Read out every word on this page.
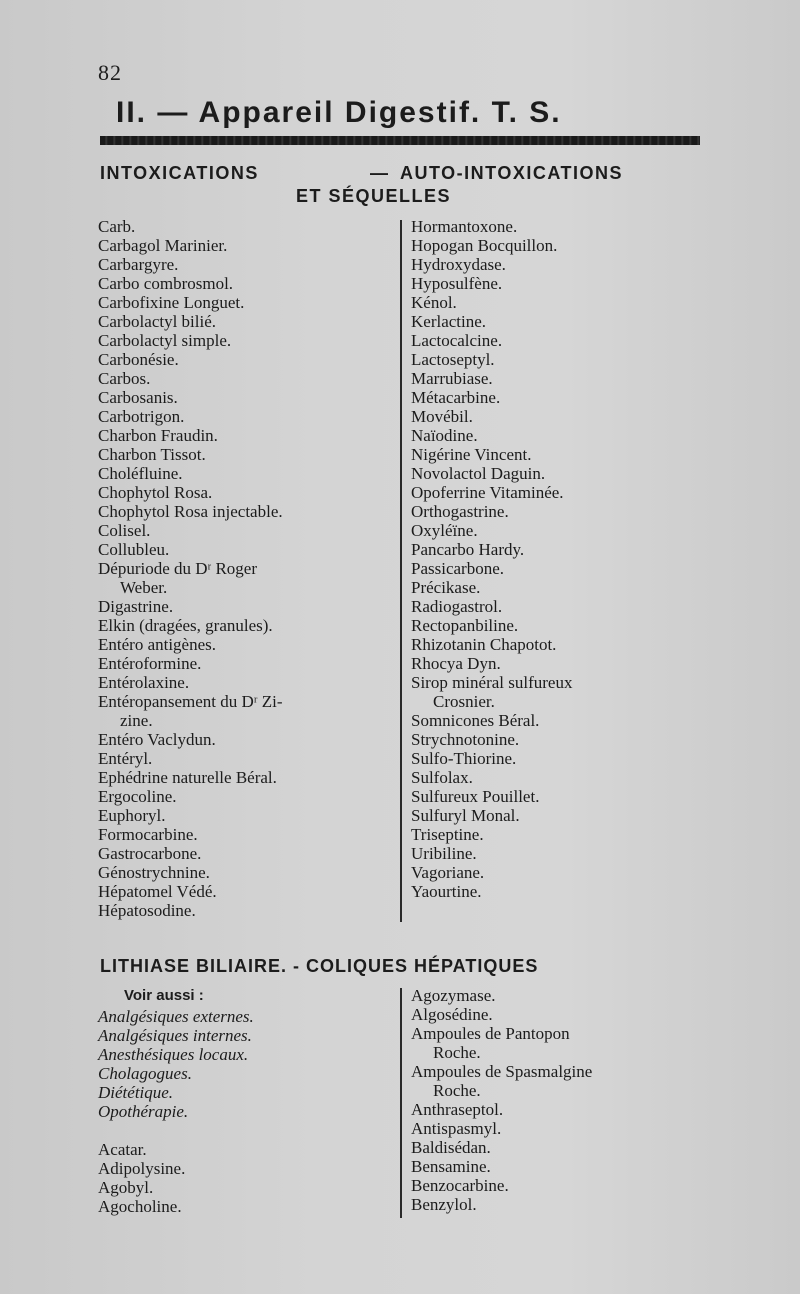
82
II. — Appareil Digestif. T. S.
INTOXICATIONS	— AUTO-INTOXICATIONS
ET SÉQUELLES
Carb.
Carbagol Marinier.
Carbargyre.
Carbo combrosmol.
Carbofixine Longuet.
Carbolactyl bilié.
Carbolactyl simple.
Carbonésie.
Carbos.
Carbosanis.
Carbotrigon.
Charbon Fraudin.
Charbon Tissot.
Choléfluine.
Chophytol Rosa.
Chophytol Rosa injectable.
Colisel.
Collubleu.
Dépuriode du Dʳ Roger
Weber.
Digastrine.
Elkin (dragées, granules).
Entéro antigènes.
Entéroformine.
Entérolaxine.
Entéropansement du Dʳ Zi-
zine.
Entéro Vaclydun.
Entéryl.
Ephédrine naturelle Béral.
Ergocoline.
Euphoryl.
Formocarbine.
Gastrocarbone.
Génostrychnine.
Hépatomel Védé.
Hépatosodine.
Hormantoxone.
Hopogan Bocquillon.
Hydroxydase.
Hyposulfène.
Kénol.
Kerlactine.
Lactocalcine.
Lactoseptyl.
Marrubiase.
Métacarbine.
Movébil.
Naïodine.
Nigérine Vincent.
Novolactol Daguin.
Opoferrine Vitaminée.
Orthogastrine.
Oxyléïne.
Pancarbo Hardy.
Passicarbone.
Précikase.
Radiogastrol.
Rectopanbiline.
Rhizotanin Chapotot.
Rhocya Dyn.
Sirop minéral sulfureux
Crosnier.
Somnicones Béral.
Strychnotonine.
Sulfo-Thiorine.
Sulfolax.
Sulfureux Pouillet.
Sulfuryl Monal.
Triseptine.
Uribiline.
Vagoriane.
Yaourtine.
LITHIASE BILIAIRE. - COLIQUES HÉPATIQUES
Voir aussi :
Analgésiques externes.
Analgésiques internes.
Anesthésiques locaux.
Cholagogues.
Diététique.
Opothérapie.
Acatar.
Adipolysine.
Agobyl.
Agocholine.
Agozymase.
Algosédine.
Ampoules de Pantopon
Roche.
Ampoules de Spasmalgine
Roche.
Anthraseptol.
Antispasmyl.
Baldisédan.
Bensamine.
Benzocarbine.
Benzylol.
